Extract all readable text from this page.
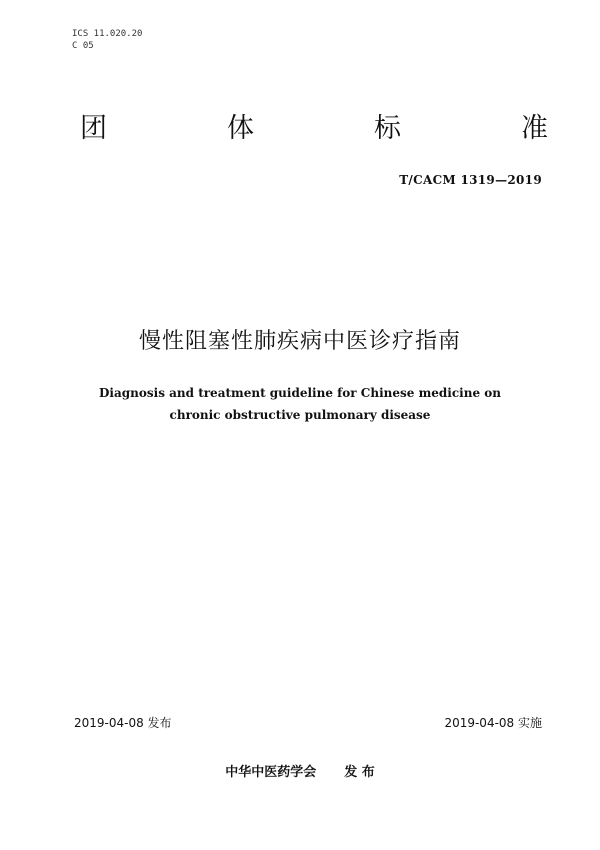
ICS 11.020.20
C 05
团	体	标	准
T/CACM 1319—2019
慢性阻塞性肺疾病中医诊疗指南
Diagnosis and treatment guideline for Chinese medicine on
chronic obstructive pulmonary disease
2019-04-08 发布	2019-04-08 实施
中华中医药学会 发 布
